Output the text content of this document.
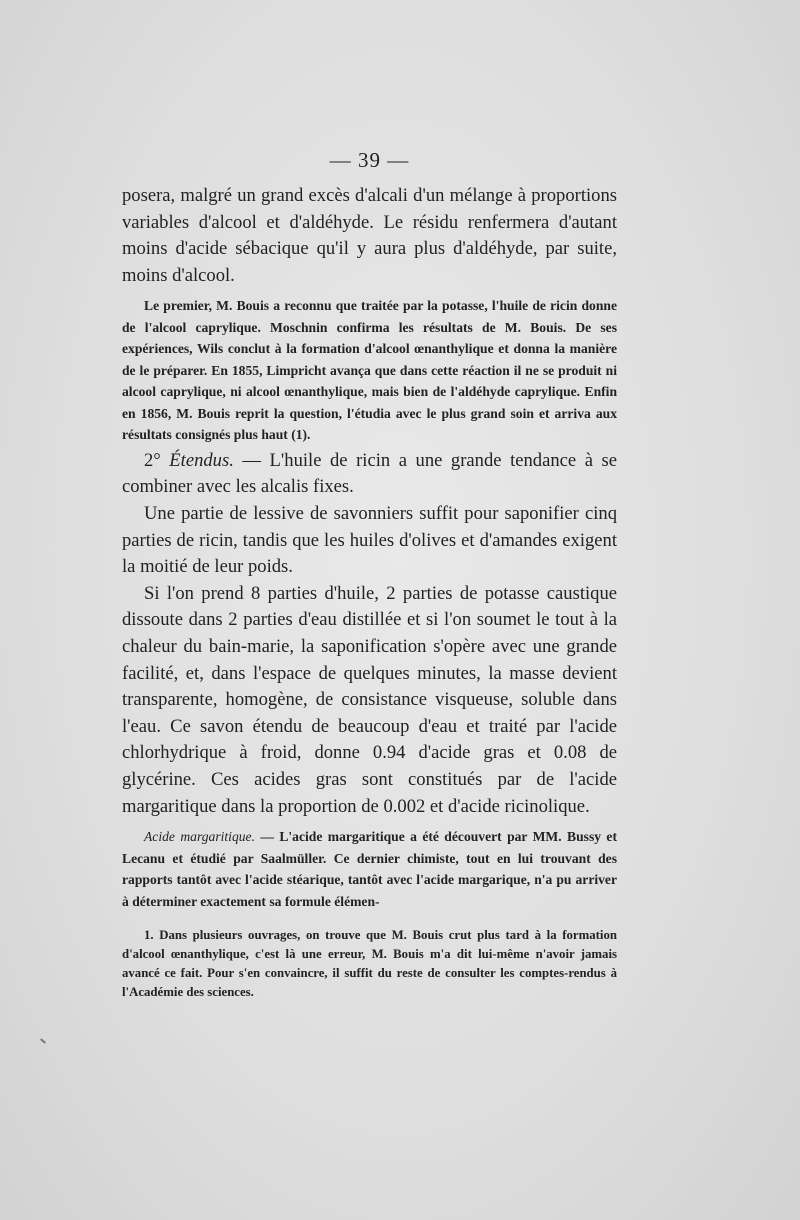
— 39 —

posera, malgré un grand excès d'alcali d'un mélange à proportions variables d'alcool et d'aldéhyde. Le résidu renfermera d'autant moins d'acide sébacique qu'il y aura plus d'aldéhyde, par suite, moins d'alcool.

Le premier, M. Bouis a reconnu que traitée par la potasse, l'huile de ricin donne de l'alcool caprylique. Moschnin confirma les résultats de M. Bouis. De ses expériences, Wils conclut à la formation d'alcool œnanthylique et donna la manière de le préparer. En 1855, Limpricht avança que dans cette réaction il ne se produit ni alcool caprylique, ni alcool œnanthylique, mais bien de l'aldéhyde caprylique. Enfin en 1856, M. Bouis reprit la question, l'étudia avec le plus grand soin et arriva aux résultats consignés plus haut (1).

2° Étendus. — L'huile de ricin a une grande tendance à se combiner avec les alcalis fixes.

Une partie de lessive de savonniers suffit pour saponifier cinq parties de ricin, tandis que les huiles d'olives et d'amandes exigent la moitié de leur poids.

Si l'on prend 8 parties d'huile, 2 parties de potasse caustique dissoute dans 2 parties d'eau distillée et si l'on soumet le tout à la chaleur du bain-marie, la saponification s'opère avec une grande facilité, et, dans l'espace de quelques minutes, la masse devient transparente, homogène, de consistance visqueuse, soluble dans l'eau. Ce savon étendu de beaucoup d'eau et traité par l'acide chlorhydrique à froid, donne 0.94 d'acide gras et 0.08 de glycérine. Ces acides gras sont constitués par de l'acide margaritique dans la proportion de 0.002 et d'acide ricinolique.

Acide margaritique. — L'acide margaritique a été découvert par MM. Bussy et Lecanu et étudié par Saalmüller. Ce dernier chimiste, tout en lui trouvant des rapports tantôt avec l'acide stéarique, tantôt avec l'acide margarique, n'a pu arriver à déterminer exactement sa formule élémen-

1. Dans plusieurs ouvrages, on trouve que M. Bouis crut plus tard à la formation d'alcool œnanthylique, c'est là une erreur, M. Bouis m'a dit lui-même n'avoir jamais avancé ce fait. Pour s'en convaincre, il suffit du reste de consulter les comptes-rendus à l'Académie des sciences.
